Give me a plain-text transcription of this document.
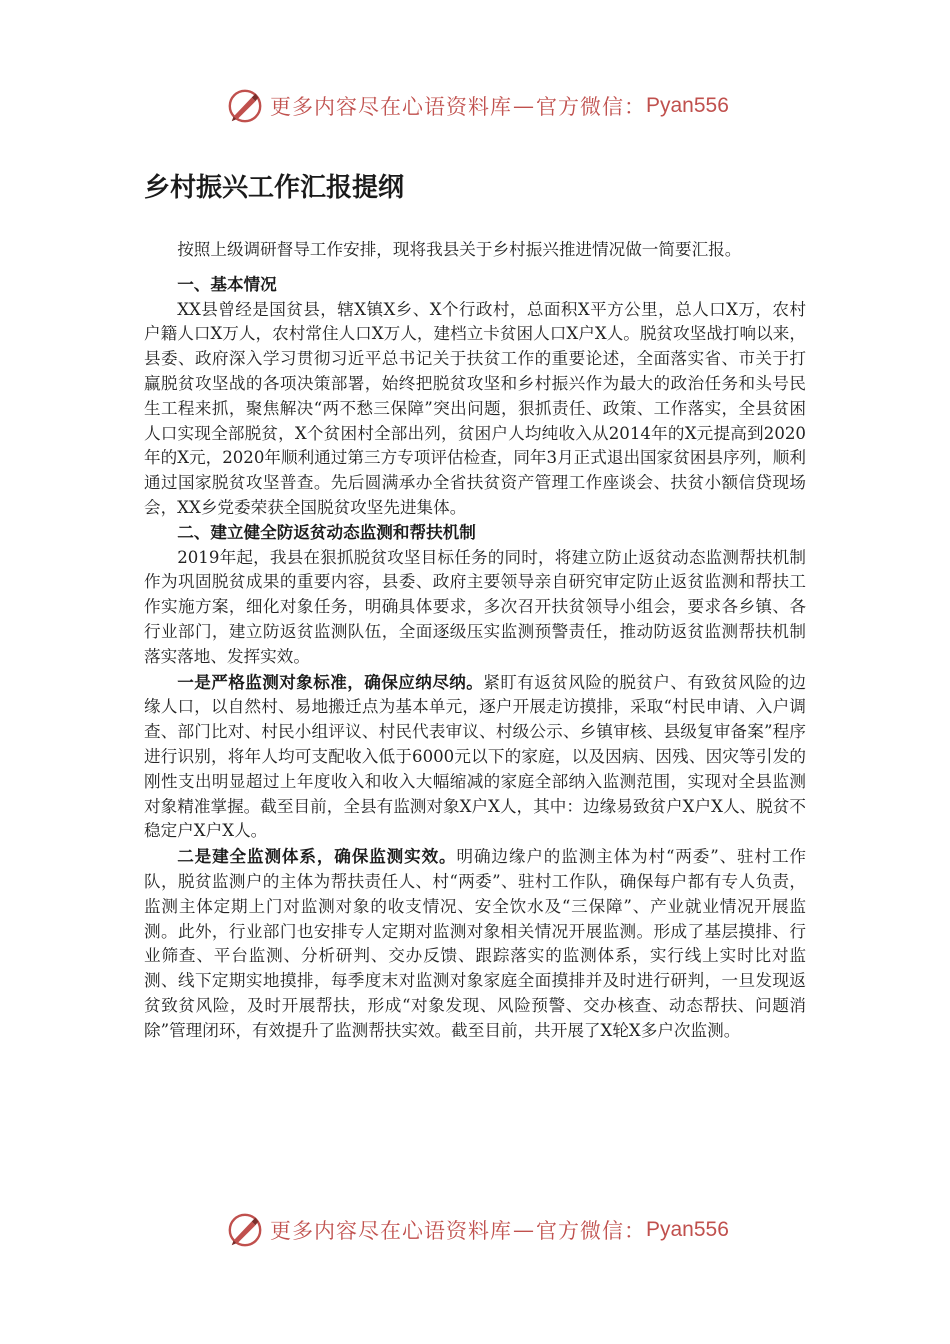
更多内容尽在心语资料库 — 官方微信： Pyan556
乡村振兴工作汇报提纲

按照上级调研督导工作安排，现将我县关于乡村振兴推进情况做一简要汇报。

一、基本情况

XX县曾经是国贫县，辖X镇X乡、X个行政村，总面积X平方公里，总人口X万，农村户籍人口X万人，农村常住人口X万人，建档立卡贫困人口X户X人。脱贫攻坚战打响以来，县委、政府深入学习贯彻习近平总书记关于扶贫工作的重要论述，全面落实省、市关于打赢脱贫攻坚战的各项决策部署，始终把脱贫攻坚和乡村振兴作为最大的政治任务和头号民生工程来抓，聚焦解决“两不愁三保障”突出问题，狠抓责任、政策、工作落实，全县贫困人口实现全部脱贫，X个贫困村全部出列，贫困户人均纯收入从2014年的X元提高到2020年的X元，2020年顺利通过第三方专项评估检查，同年3月正式退出国家贫困县序列，顺利通过国家脱贫攻坚普查。先后圆满承办全省扶贫资产管理工作座谈会、扶贫小额信贷现场会，XX乡党委荣获全国脱贫攻坚先进集体。

二、建立健全防返贫动态监测和帮扶机制

2019年起，我县在狠抓脱贫攻坚目标任务的同时，将建立防止返贫动态监测帮扶机制作为巩固脱贫成果的重要内容，县委、政府主要领导亲自研究审定防止返贫监测和帮扶工作实施方案，细化对象任务，明确具体要求，多次召开扶贫领导小组会，要求各乡镇、各行业部门，建立防返贫监测队伍，全面逐级压实监测预警责任，推动防返贫监测帮扶机制落实落地、发挥实效。

一是严格监测对象标准，确保应纳尽纳。紧盯有返贫风险的脱贫户、有致贫风险的边缘人口，以自然村、易地搬迁点为基本单元，逐户开展走访摸排，采取“村民申请、入户调查、部门比对、村民小组评议、村民代表审议、村级公示、乡镇审核、县级复审备案”程序进行识别，将年人均可支配收入低于6000元以下的家庭，以及因病、因残、因灾等引发的刚性支出明显超过上年度收入和收入大幅缩减的家庭全部纳入监测范围，实现对全县监测对象精准掌握。截至目前，全县有监测对象X户X人，其中：边缘易致贫户X户X人、脱贫不稳定户X户X人。

二是建全监测体系，确保监测实效。明确边缘户的监测主体为村“两委”、驻村工作队，脱贫监测户的主体为帮扶责任人、村“两委”、驻村工作队，确保每户都有专人负责，监测主体定期上门对监测对象的收支情况、安全饮水及“三保障”、产业就业情况开展监测。此外，行业部门也安排专人定期对监测对象相关情况开展监测。形成了基层摸排、行业筛查、平台监测、分析研判、交办反馈、跟踪落实的监测体系，实行线上实时比对监测、线下定期实地摸排，每季度末对监测对象家庭全面摸排并及时进行研判，一旦发现返贫致贫风险，及时开展帮扶，形成“对象发现、风险预警、交办核查、动态帮扶、问题消除”管理闭环，有效提升了监测帮扶实效。截至目前，共开展了X轮X多户次监测。

更多内容尽在心语资料库 — 官方微信： Pyan556
